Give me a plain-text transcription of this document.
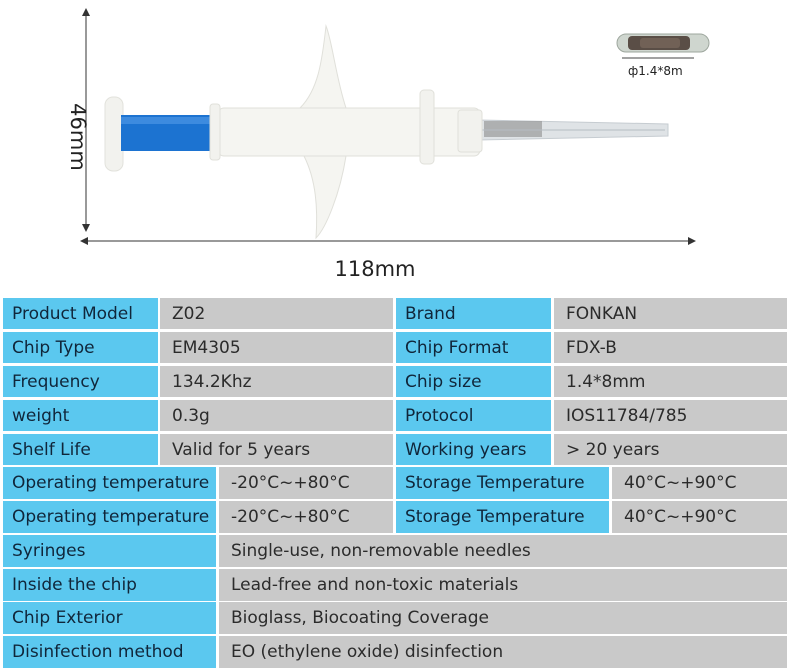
46mm
118mm
ф1.4*8m
Product Model	Z02	Brand	FONKAN
Chip Type	EM4305	Chip Format	FDX-B
Frequency	134.2Khz	Chip size	1.4*8mm
weight	0.3g	Protocol	IOS11784/785
Shelf Life	Valid for 5 years	Working years	> 20 years
Operating temperature	-20°C~+80°C	Storage Temperature	40°C~+90°C
Operating temperature	-20°C~+80°C	Storage Temperature	40°C~+90°C
Syringes	Single-use, non-removable needles
Inside the chip	Lead-free and non-toxic materials
Chip Exterior	Bioglass, Biocoating Coverage
Disinfection method	EO (ethylene oxide) disinfection
